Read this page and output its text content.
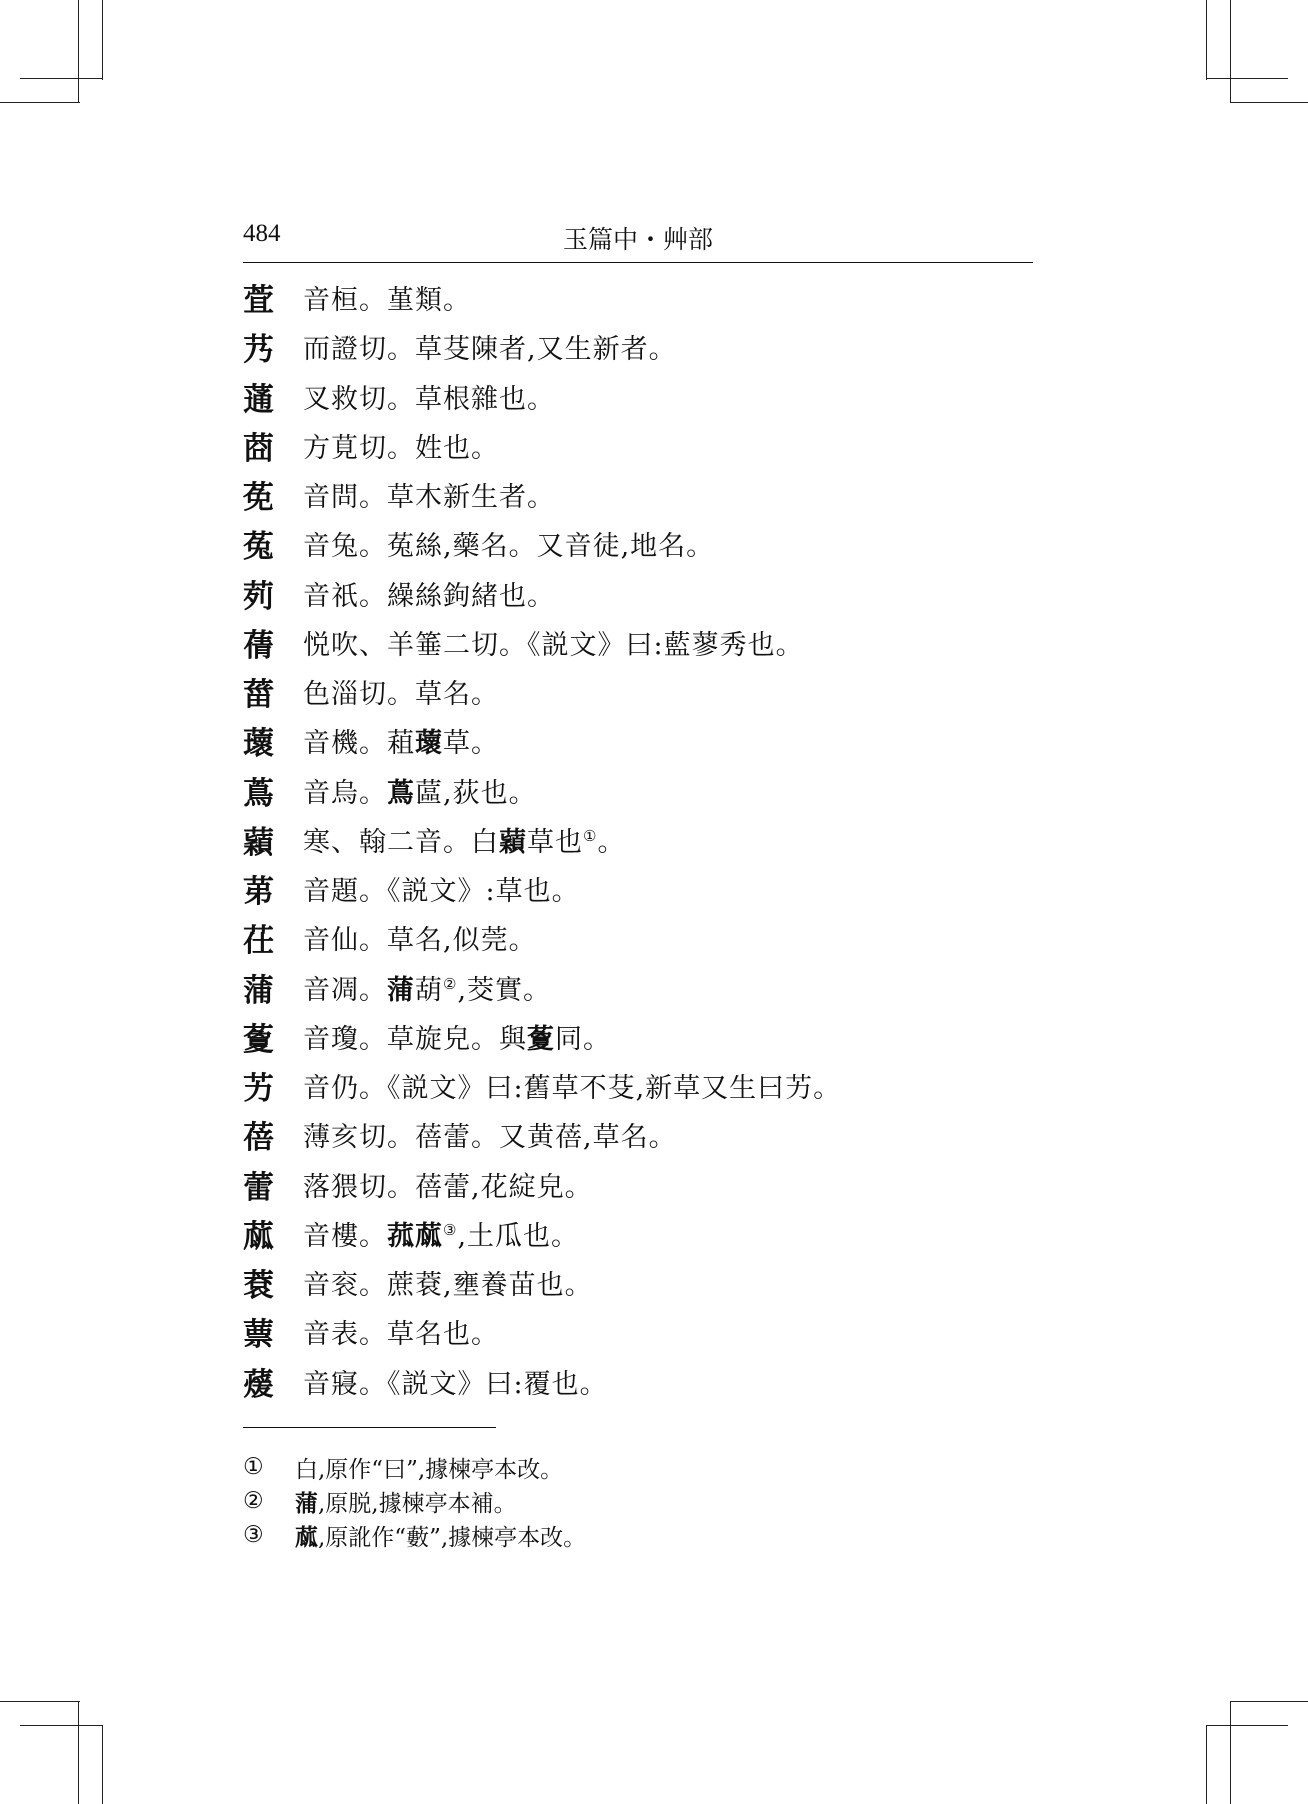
484	玉篇中・艸部
萓	音桓。堇類。
艿	而證切。草芟陳者,又生新者。
蓪	叉救切。草根雜也。
莔	方莧切。姓也。
莬	音問。草木新生者。
菟	音兔。菟絲,藥名。又音徒,地名。
茢	音祇。繰絲鉤緒也。
蒨	悦吹、羊箠二切。《説文》曰:藍蓼秀也。
葘	色淄切。草名。
蘾	音機。蒩蘾草。
蔦	音烏。蔦蓲,荻也。
蘔	寒、翰二音。白蘔草也①。
苐	音題。《説文》:草也。
茌	音仙。草名,似莞。
蒲	音凋。蒲葫②,茭實。
藑	音瓊。草旋皃。與藑同。
艻	音仍。《説文》曰:舊草不芟,新草又生曰艻。
蓓	薄亥切。蓓蕾。又黄蓓,草名。
蕾	落猥切。蓓蕾,花綻皃。
蓏	音樓。菰蓏③,土瓜也。
蔉	音衮。蔗蔉,壅養苗也。
蔈	音表。草名也。
蕿	音寢。《説文》曰:覆也。
①	白,原作“曰”,據楝亭本改。
②	蒲,原脱,據楝亭本補。
③	蓏,原訛作“藪”,據楝亭本改。
